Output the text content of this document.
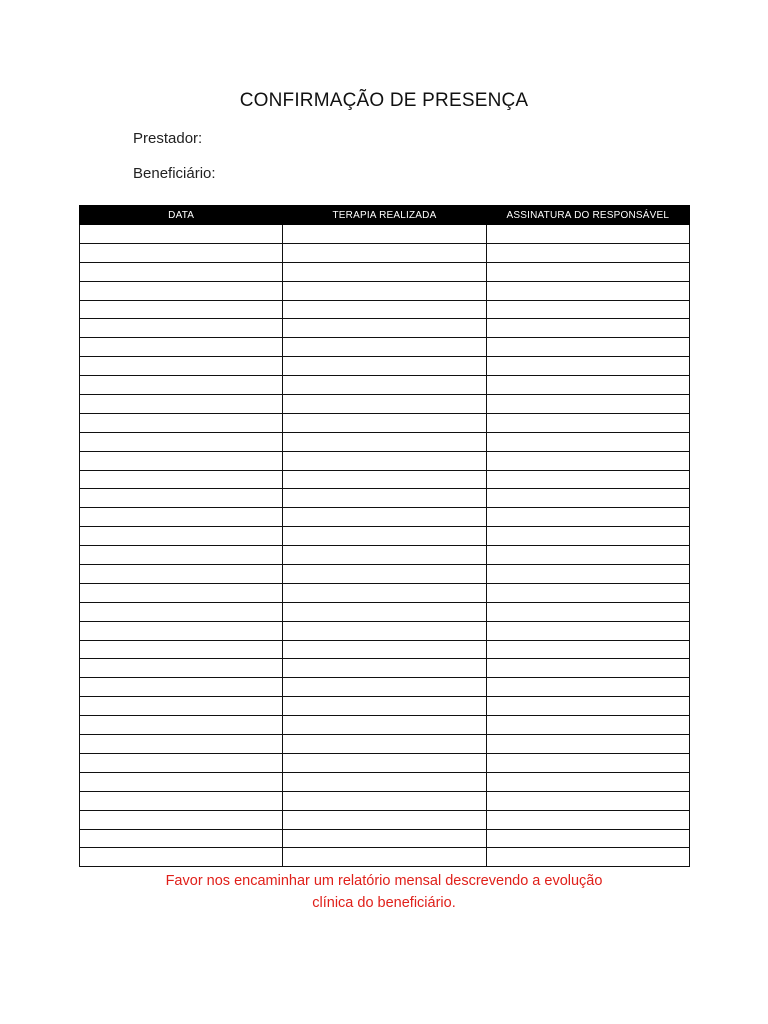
CONFIRMAÇÃO DE PRESENÇA
Prestador:
Beneficiário:
DATA	TERAPIA REALIZADA	ASSINATURA DO RESPONSÁVEL

Favor nos encaminhar um relatório mensal descrevendo a evolução
clínica do beneficiário.
